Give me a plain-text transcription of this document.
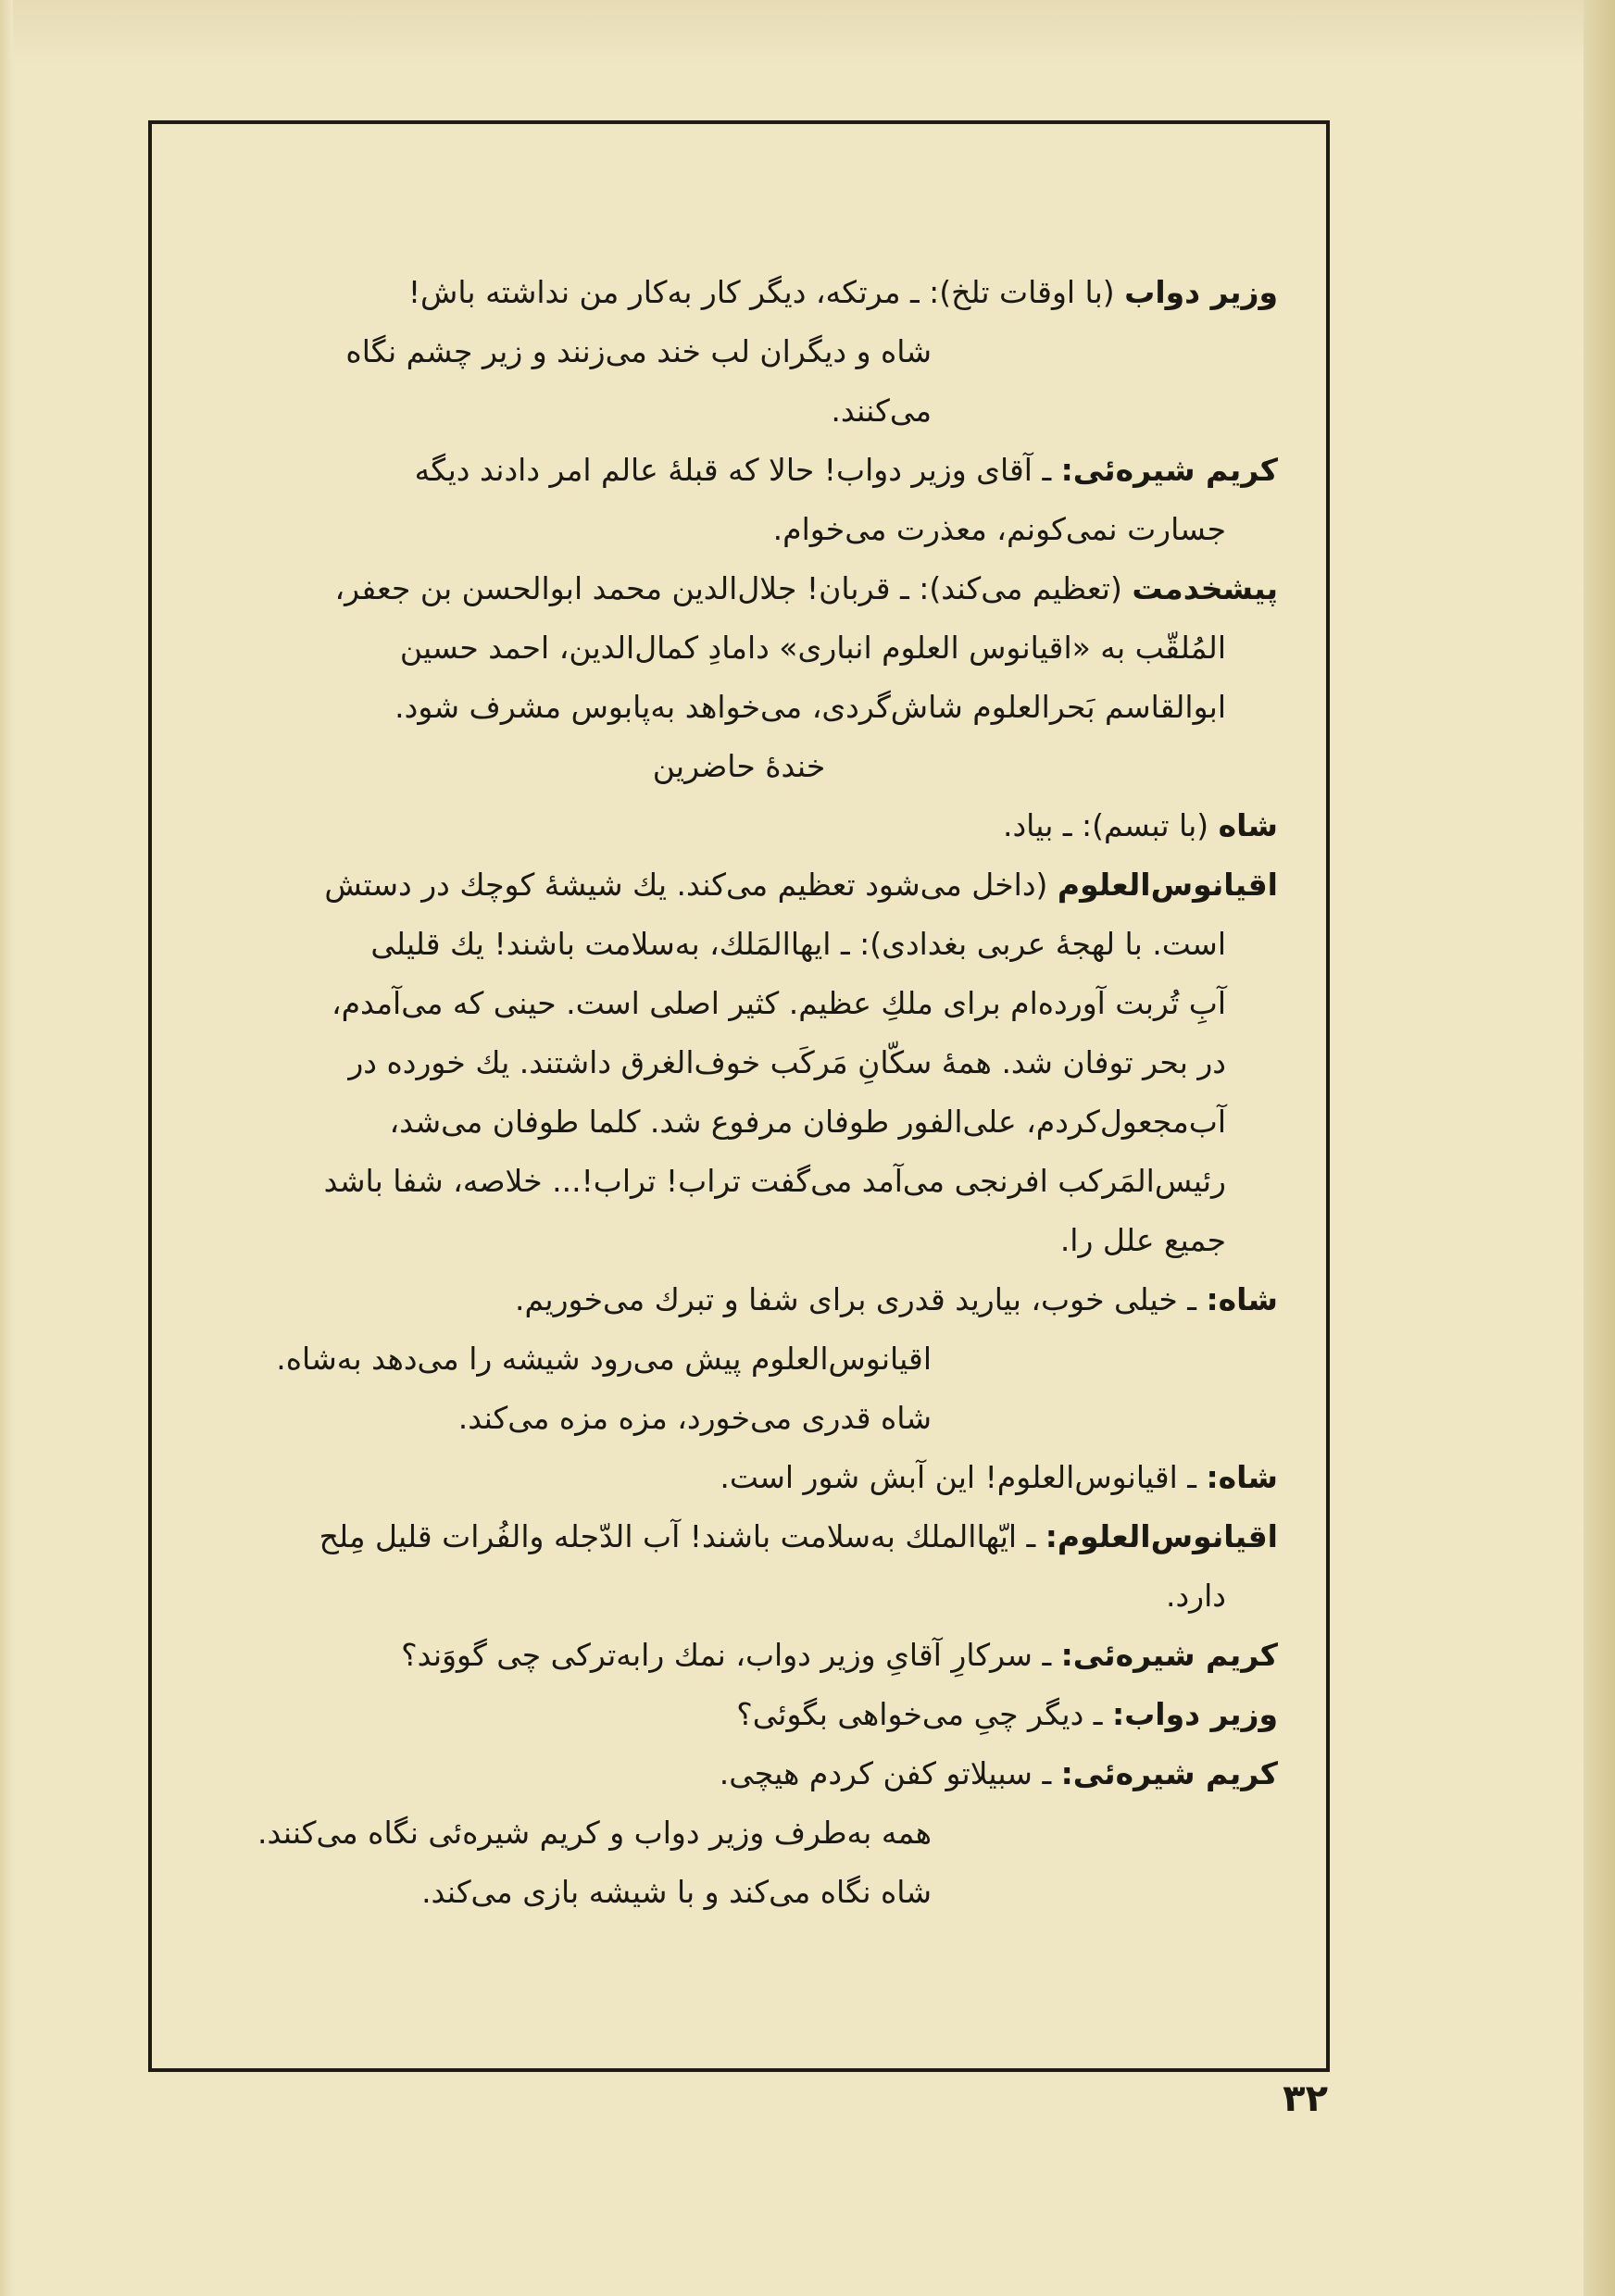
وزیر دواب (با اوقات تلخ): ـ مرتکه، دیگر کار به‌کار من نداشته باش!
شاه و دیگران لب خند می‌زنند و زیر چشم نگاه
می‌کنند.
کریم شیره‌ئی: ـ آقای وزیر دواب! حالا که قبلهٔ عالم امر دادند دیگه
جسارت نمی‌کونم، معذرت می‌خوام.
پیشخدمت (تعظیم می‌کند): ـ قربان! جلال‌الدین محمد ابوالحسن بن جعفر،
المُلقّب به «اقیانوس العلوم انباری» دامادِ کمال‌الدین، احمد حسین
ابوالقاسم بَحرالعلوم شاش‌گردی، می‌خواهد به‌پابوس مشرف شود.
خندهٔ حاضرین
شاه (با تبسم): ـ بیاد.
اقیانوس‌العلوم (داخل می‌شود تعظیم می‌کند. یك شیشهٔ کوچك در دستش
است. با لهجهٔ عربی بغدادی): ـ ایهاالمَلك، به‌سلامت باشند! یك قلیلی
آبِ تُربت آورده‌ام برای ملكِ عظیم. کثیر اصلی است. حینی که می‌آمدم،
در بحر توفان شد. همهٔ سکّانِ مَرکَب خوف‌الغرق داشتند. یك خورده در
آب‌مجعول‌کردم، علی‌الفور طوفان مرفوع شد. کلما طوفان می‌شد،
رئیس‌المَرکب افرنجی می‌آمد می‌گفت تراب‌! تراب!... خلاصه، شفا باشد
جمیع علل را.
شاه: ـ خیلی خوب، بیارید قدری برای شفا و تبرك می‌خوریم.
اقیانوس‌العلوم پیش می‌رود شیشه را می‌دهد به‌شاه.
شاه قدری می‌خورد، مزه مزه می‌کند.
شاه: ـ اقیانوس‌العلوم! این آبش شور است.
اقیانوس‌العلوم: ـ ایّهاالملك به‌سلامت باشند! آب الدّجله والفُرات قلیل مِلح
دارد.
کریم شیره‌ئی: ـ سرکارِ آقایِ وزیر دواب، نمك رابه‌ترکی چی گووَند؟
وزیر دواب: ـ دیگر چیِ می‌خواهی بگوئی؟
کریم شیره‌ئی: ـ سبیلاتو کفن کردم هیچی.
همه به‌طرف وزیر دواب و کریم شیره‌ئی نگاه می‌کنند.
شاه نگاه می‌کند و با شیشه بازی می‌کند.
۳۲
